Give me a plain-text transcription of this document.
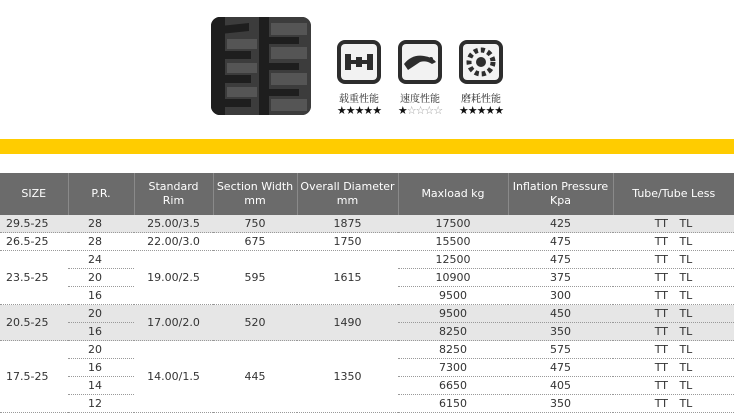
载重性能
★★★★★
速度性能
★☆☆☆☆
磨耗性能
★★★★★
SIZE	P.R.	Standard Rim	Section Width mm	Overall Diameter mm	Maxload kg	Inflation Pressure Kpa	Tube/Tube Less
29.5-25	28	25.00/3.5	750	1875	17500	425	TT TL
26.5-25	28	22.00/3.0	675	1750	15500	475	TT TL
23.5-25	24	19.00/2.5	595	1615	12500	475	TT TL
	20				10900	375	TT TL
	16				9500	300	TT TL
20.5-25	20	17.00/2.0	520	1490	9500	450	TT TL
	16				8250	350	TT TL
17.5-25	20	14.00/1.5	445	1350	8250	575	TT TL
	16				7300	475	TT TL
	14				6650	405	TT TL
	12				6150	350	TT TL
